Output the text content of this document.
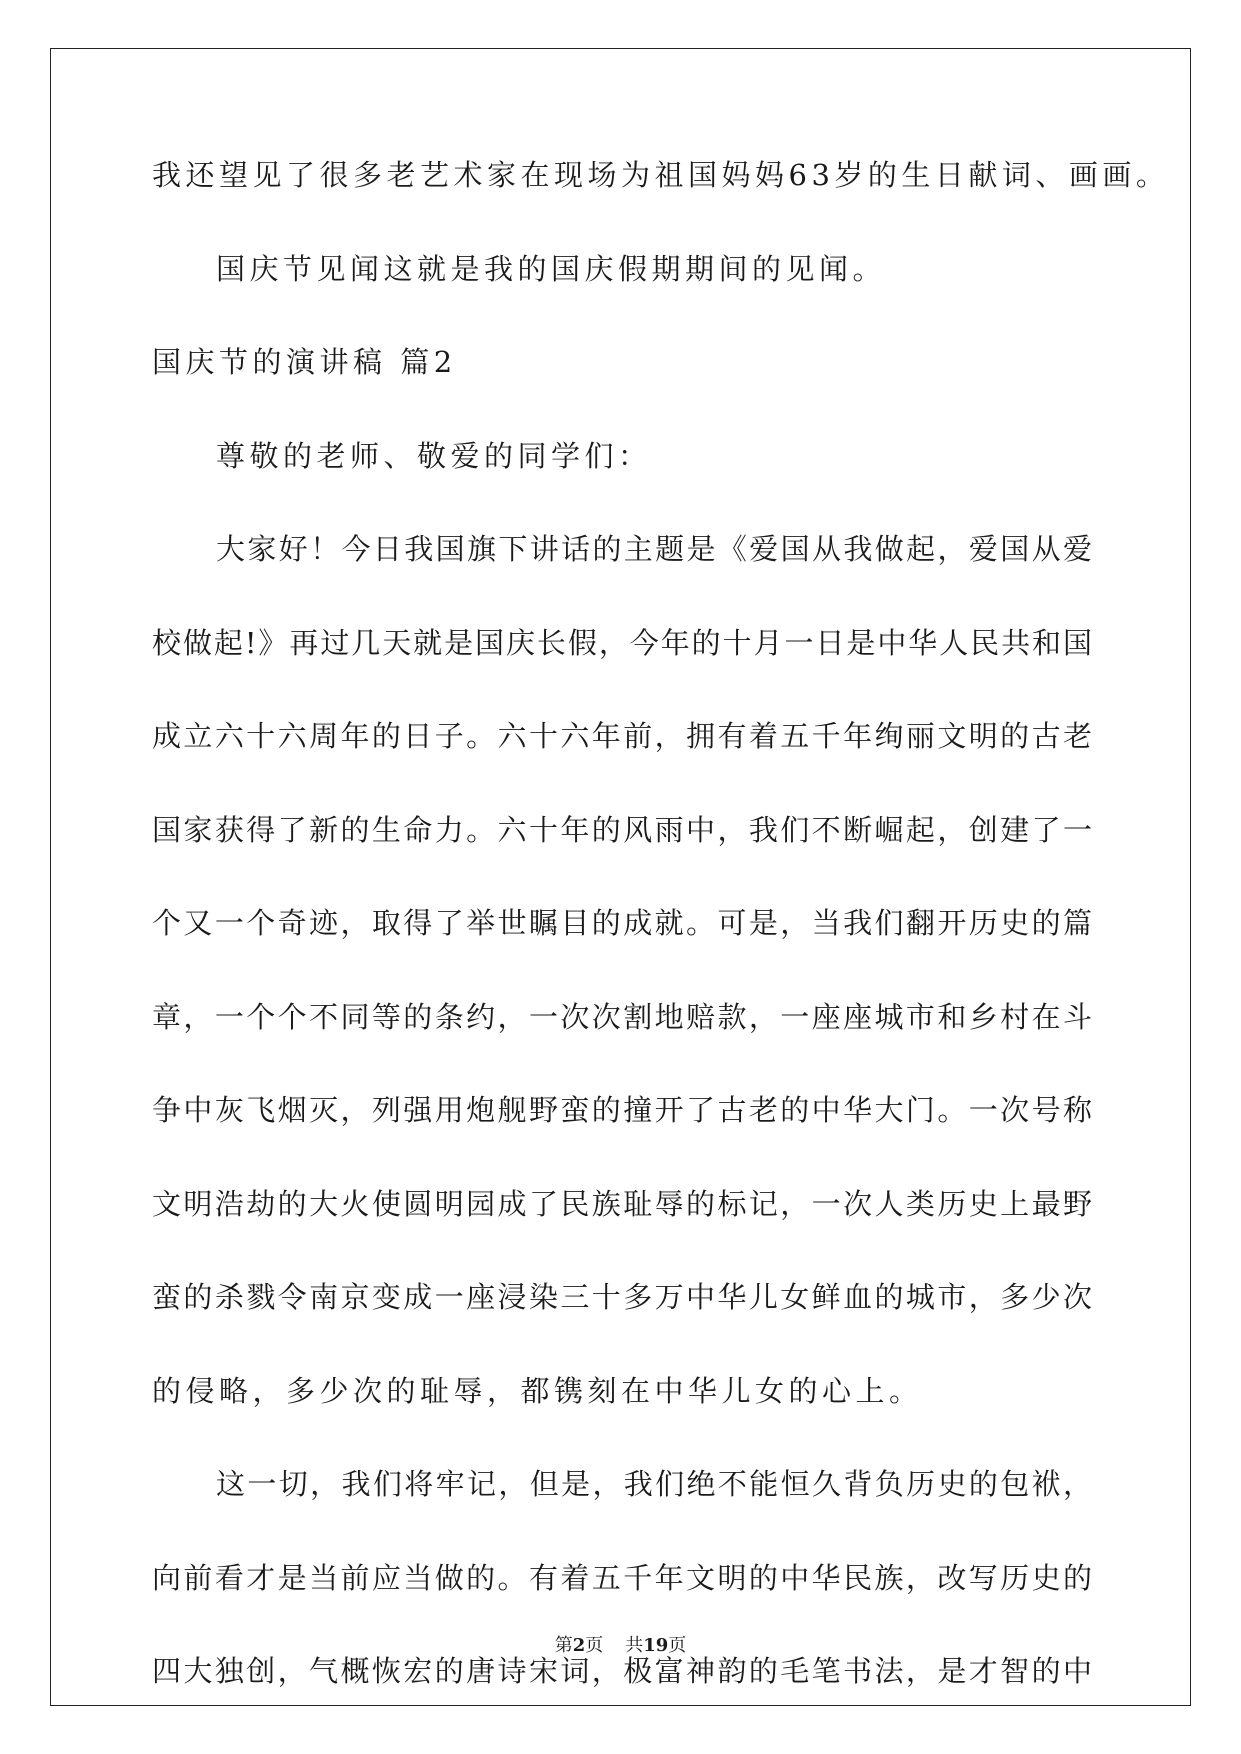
我还望见了很多老艺术家在现场为祖国妈妈63岁的生日献词、画画。

国庆节见闻这就是我的国庆假期期间的见闻。

国庆节的演讲稿 篇2

尊敬的老师、敬爱的同学们：

大家好！今日我国旗下讲话的主题是《爱国从我做起，爱国从爱

校做起!》再过几天就是国庆长假，今年的十月一日是中华人民共和国

成立六十六周年的日子。六十六年前，拥有着五千年绚丽文明的古老

国家获得了新的生命力。六十年的风雨中，我们不断崛起，创建了一

个又一个奇迹，取得了举世瞩目的成就。可是，当我们翻开历史的篇

章，一个个不同等的条约，一次次割地赔款，一座座城市和乡村在斗

争中灰飞烟灭，列强用炮舰野蛮的撞开了古老的中华大门。一次号称

文明浩劫的大火使圆明园成了民族耻辱的标记，一次人类历史上最野

蛮的杀戮令南京变成一座浸染三十多万中华儿女鲜血的城市，多少次

的侵略，多少次的耻辱，都镌刻在中华儿女的心上。

这一切，我们将牢记，但是，我们绝不能恒久背负历史的包袱，

向前看才是当前应当做的。有着五千年文明的中华民族，改写历史的

四大独创，气概恢宏的唐诗宋词，极富神韵的毛笔书法，是才智的中

第2页 共19页
